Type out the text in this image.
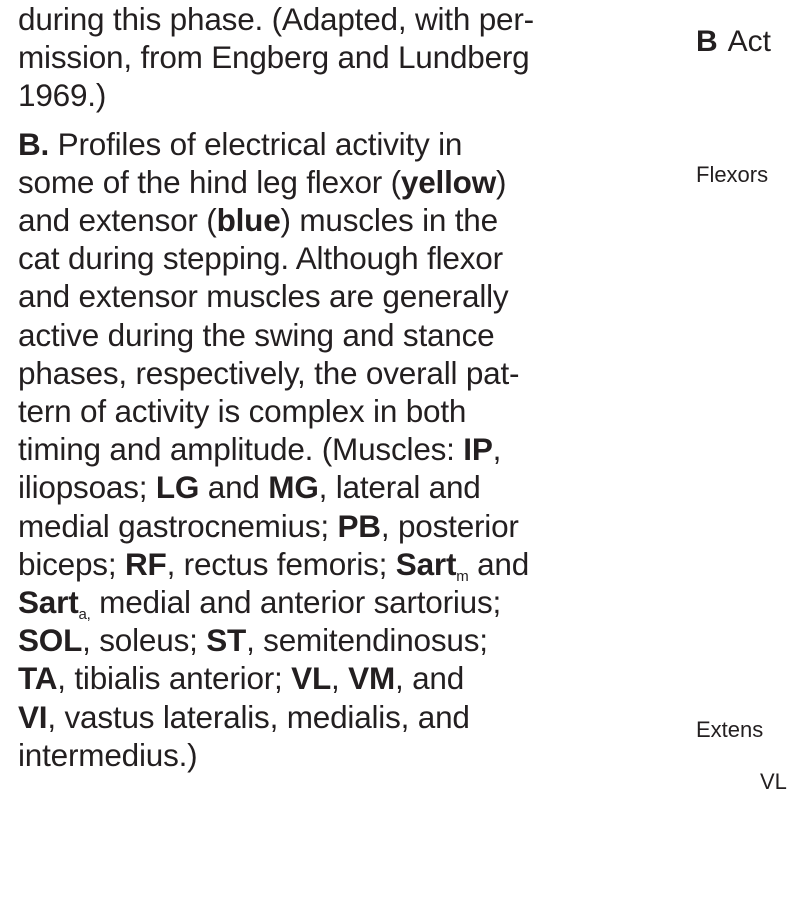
during this phase. (Adapted, with per-
mission, from Engberg and Lundberg
1969.)

B. Profiles of electrical activity in
some of the hind leg flexor (yellow)
and extensor (blue) muscles in the
cat during stepping. Although flexor
and extensor muscles are generally
active during the swing and stance
phases, respectively, the overall pat-
tern of activity is complex in both
timing and amplitude. (Muscles: IP,
iliopsoas; LG and MG, lateral and
medial gastrocnemius; PB, posterior
biceps; RF, rectus femoris; Sart$_m$ and
Sart$_{a,}$ medial and anterior sartorius;
SOL, soleus; ST, semitendinosus;
TA, tibialis anterior; VL, VM, and
VI, vastus lateralis, medialis, and
intermedius.)

B Act
Flexors
Extens
VL
